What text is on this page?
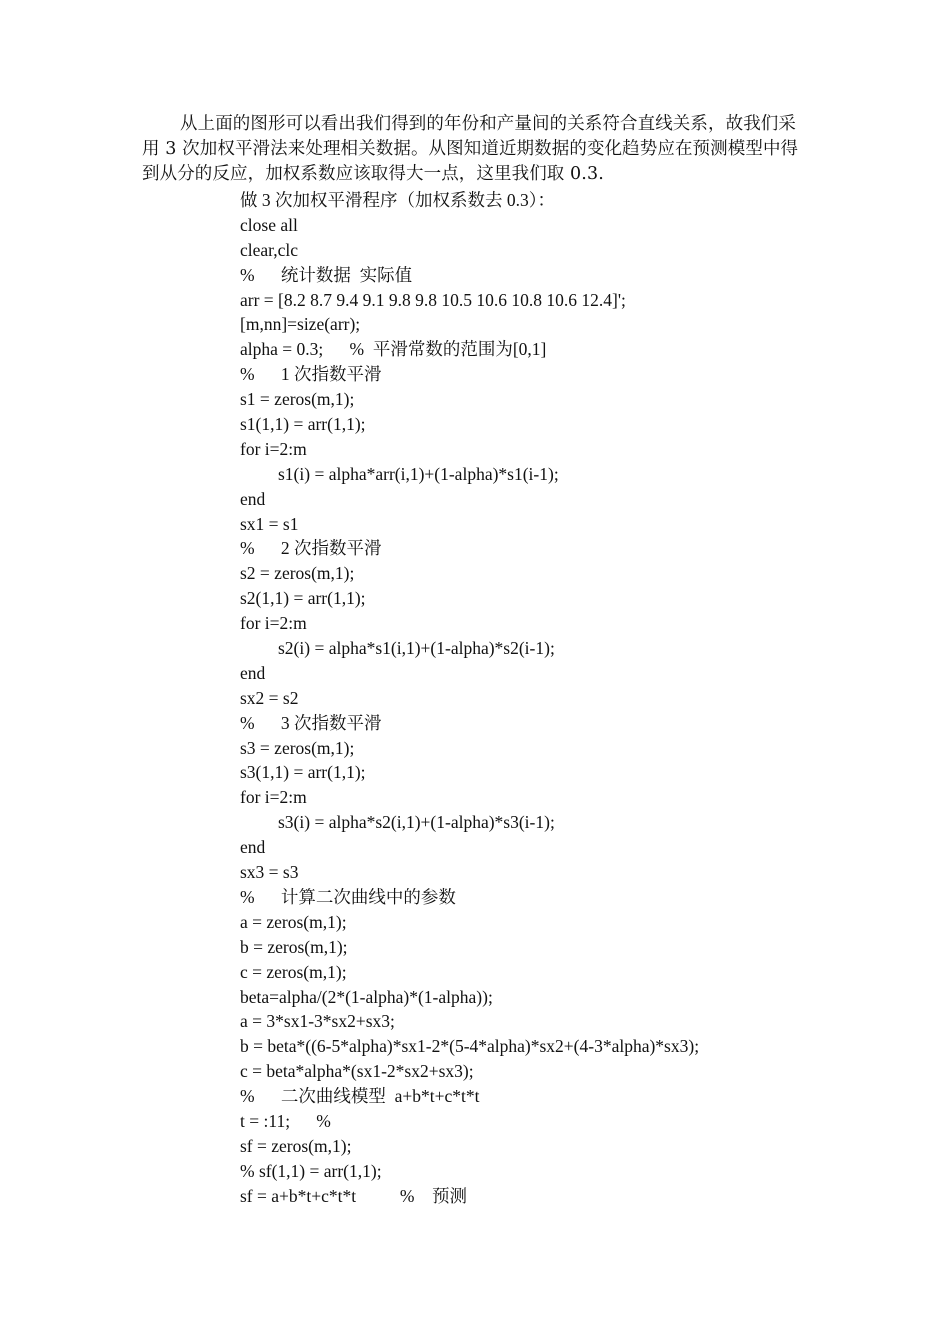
从上面的图形可以看出我们得到的年份和产量间的关系符合直线关系，故我们采用 3 次加权平滑法来处理相关数据。从图知道近期数据的变化趋势应在预测模型中得到从分的反应，加权系数应该取得大一点，这里我们取 0.3.
做 3 次加权平滑程序（加权系数去 0.3）：
close all
clear,clc
%      统计数据  实际值
arr = [8.2 8.7 9.4 9.1 9.8 9.8 10.5 10.6 10.8 10.6 12.4]';
[m,nn]=size(arr);
alpha = 0.3;      %  平滑常数的范围为[0,1]
%      1 次指数平滑
s1 = zeros(m,1);
s1(1,1) = arr(1,1);
for i=2:m
s1(i) = alpha*arr(i,1)+(1-alpha)*s1(i-1);
end
sx1 = s1
%      2 次指数平滑
s2 = zeros(m,1);
s2(1,1) = arr(1,1);
for i=2:m
s2(i) = alpha*s1(i,1)+(1-alpha)*s2(i-1);
end
sx2 = s2
%      3 次指数平滑
s3 = zeros(m,1);
s3(1,1) = arr(1,1);
for i=2:m
s3(i) = alpha*s2(i,1)+(1-alpha)*s3(i-1);
end
sx3 = s3
%      计算二次曲线中的参数
a = zeros(m,1);
b = zeros(m,1);
c = zeros(m,1);
beta=alpha/(2*(1-alpha)*(1-alpha));
a = 3*sx1-3*sx2+sx3;
b = beta*((6-5*alpha)*sx1-2*(5-4*alpha)*sx2+(4-3*alpha)*sx3);
c = beta*alpha*(sx1-2*sx2+sx3);
%      二次曲线模型  a+b*t+c*t*t
t = :11;      %
sf = zeros(m,1);
% sf(1,1) = arr(1,1);
sf = a+b*t+c*t*t          %    预测
